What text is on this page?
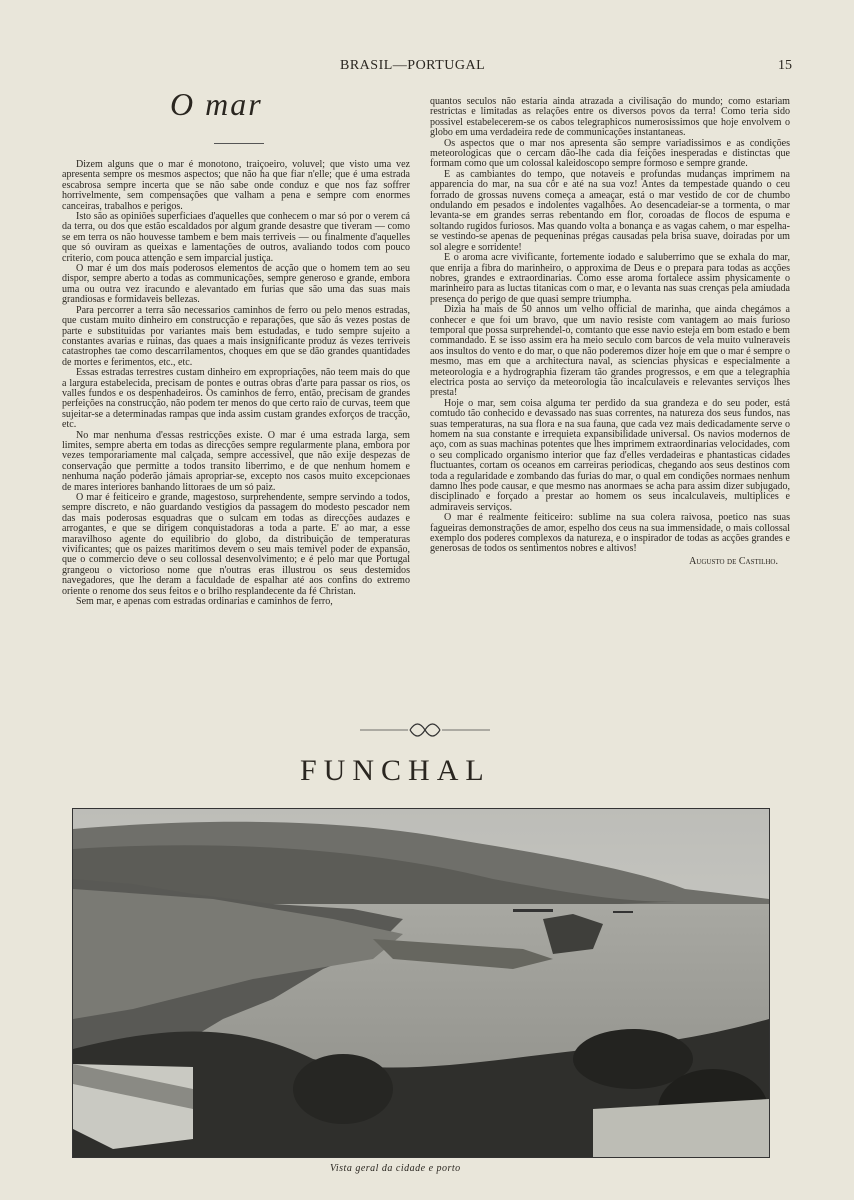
BRASIL—PORTUGAL	15
O mar

Dizem alguns que o mar é monotono, traiçoeiro, voluvel; que visto uma vez apresenta sempre os mesmos aspectos; que não ha que fiar n'elle; que é uma estrada escabrosa sempre incerta que se não sabe onde conduz e que nos faz soffrer horrivelmente, sem compensações que valham a pena e sempre com enormes canceiras, trabalhos e perigos.

Isto são as opiniões superficiaes d'aquelles que conhecem o mar só por o verem cá da terra, ou dos que estão escaldados por algum grande desastre que tiveram — como se em terra os não houvesse tambem e bem mais terriveis — ou finalmente d'aquelles que só ouviram as queixas e lamentações de outros, avaliando todos com pouco criterio, com pouca attenção e sem imparcial justiça.

O mar é um dos mais poderosos elementos de acção que o homem tem ao seu dispor, sempre aberto a todas as communicações, sempre generoso e grande, embora uma ou outra vez iracundo e alevantado em furias que são uma das suas mais grandiosas e formidaveis bellezas.

Para percorrer a terra são necessarios caminhos de ferro ou pelo menos estradas, que custam muito dinheiro em construcção e reparações, que são ás vezes postas de parte e substituidas por variantes mais bem estudadas, e tudo sempre sujeito a constantes avarias e ruinas, das quaes a mais insignificante produz ás vezes terriveis catastrophes tae como descarrilamentos, choques em que se dão grandes quantidades de mortes e ferimentos, etc., etc.

Essas estradas terrestres custam dinheiro em expropriações, não teem mais do que a largura estabelecida, precisam de pontes e outras obras d'arte para passar os rios, os valles fundos e os despenhadeiros. Os caminhos de ferro, então, precisam de grandes perfeições na construcção, não podem ter menos do que certo raio de curvas, teem que sujeitar-se a determinadas rampas que inda assim custam grandes exforços de tracção, etc.

No mar nenhuma d'essas restricções existe. O mar é uma estrada larga, sem limites, sempre aberta em todas as direcções sempre regularmente plana, embora por vezes temporariamente mal calçada, sempre accessivel, que não exije despezas de conservação que permitte a todos transito liberrimo, e de que nenhum homem e nenhuma nação poderão jámais apropriar-se, excepto nos casos muito excepcionaes de mares interiores banhando littoraes de um só paiz.

O mar é feiticeiro e grande, magestoso, surprehendente, sempre servindo a todos, sempre discreto, e não guardando vestigios da passagem do modesto pescador nem das mais poderosas esquadras que o sulcam em todas as direcções audazes e arrogantes, e que se dirigem conquistadoras a toda a parte. E' ao mar, a esse maravilhoso agente do equilibrio do globo, da distribuição de temperaturas vivificantes; que os paizes maritimos devem o seu mais temivel poder de expansão, que o commercio deve o seu collossal desenvolvimento; e é pelo mar que Portugal grangeou o victorioso nome que n'outras eras illustrou os seus destemidos navegadores, que lhe deram a faculdade de espalhar até aos confins do extremo oriente o renome dos seus feitos e o brilho resplandecente da fé Christan.

Sem mar, e apenas com estradas ordinarias e caminhos de ferro,

quantos seculos não estaria ainda atrazada a civilisação do mundo; como estariam restrictas e limitadas as relações entre os diversos povos da terra! Como teria sido possivel estabelecerem-se os cabos telegraphicos numerosissimos que hoje envolvem o globo em uma verdadeira rede de communicações instantaneas.

Os aspectos que o mar nos apresenta são sempre variadissimos e as condições meteorologicas que o cercam dão-lhe cada dia feições inesperadas e distinctas que formam como que um colossal kaleidoscopo sempre formoso e sempre grande.

E as cambiantes do tempo, que notaveis e profundas mudanças imprimem na apparencia do mar, na sua côr e até na sua voz! Antes da tempestade quando o ceu forrado de grossas nuvens começa a ameaçar, está o mar vestido de cor de chumbo ondulando em pesados e indolentes vagalhões. Ao desencadeiar-se a tormenta, o mar levanta-se em grandes serras rebentando em flor, coroadas de flocos de espuma e soltando rugidos furiosos. Mas quando volta a bonança e as vagas cahem, o mar espelha-se vestindo-se apenas de pequeninas prégas causadas pela brisa suave, doiradas por um sol alegre e sorridente!

E o aroma acre vivificante, fortemente iodado e saluberrimo que se exhala do mar, que enrija a fibra do marinheiro, o approxima de Deus e o prepara para todas as acções nobres, grandes e extraordinarias. Como esse aroma fortalece assim physicamente o marinheiro para as luctas titanicas com o mar, e o levanta nas suas crenças pela amiudada presença do perigo de que quasi sempre triumpha.

Dizia ha mais de 50 annos um velho official de marinha, que ainda chegámos a conhecer e que foi um bravo, que um navio resiste com vantagem ao mais furioso temporal que possa surprehendel-o, comtanto que esse navio esteja em bom estado e bem commandado. E se isso assim era ha meio seculo com barcos de vela muito vulneraveis aos insultos do vento e do mar, o que não poderemos dizer hoje em que o mar é sempre o mesmo, mas em que a architectura naval, as sciencias physicas e especialmente a meteorologia e a hydrographia fizeram tão grandes progressos, e em que a telegraphia electrica posta ao serviço da meteorologia tão incalculaveis e relevantes serviços lhes presta!

Hoje o mar, sem coisa alguma ter perdido da sua grandeza e do seu poder, está comtudo tão conhecido e devassado nas suas correntes, na natureza dos seus fundos, nas suas temperaturas, na sua flora e na sua fauna, que cada vez mais dedicadamente serve o homem na sua constante e irrequieta expansibilidade universal. Os navios modernos de aço, com as suas machinas potentes que lhes imprimem extraordinarias velocidades, com o seu complicado organismo interior que faz d'elles verdadeiras e phantasticas cidades fluctuantes, cortam os oceanos em carreiras periodicas, chegando aos seus destinos com toda a regularidade e zombando das furias do mar, o qual em condições normaes nenhum damno lhes pode causar, e que mesmo nas anormaes se acha para assim dizer subjugado, disciplinado e forçado a prestar ao homem os seus incalculaveis, multiplices e admiraveis serviços.

O mar é realmente feiticeiro: sublime na sua colera raivosa, poetico nas suas fagueiras demonstrações de amor, espelho dos ceus na sua immensidade, o mais collossal exemplo dos poderes complexos da natureza, e o inspirador de todas as acções grandes e generosas de todos os sentimentos nobres e altivos!

Augusto de Castilho.
FUNCHAL
Vista geral da cidade e porto
